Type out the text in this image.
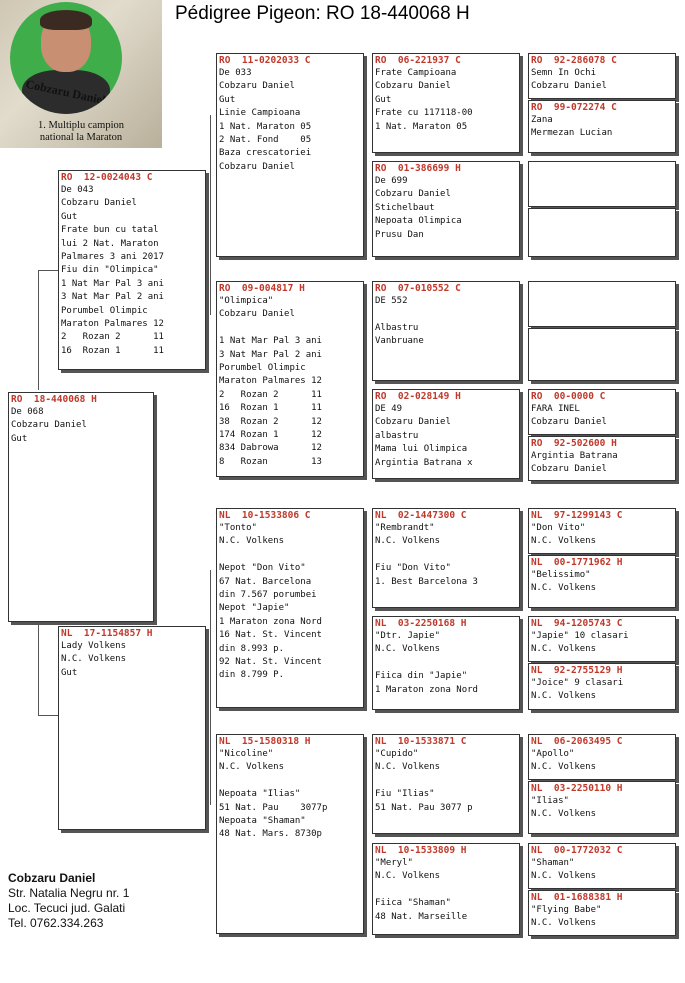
Pédigree Pigeon: RO 18-440068 H
Cobzaru Daniel
1. Multiplu campion
national la Maraton
RO  18-440068 H
De 068
Cobzaru Daniel
Gut
RO  12-0024043 C
De 043
Cobzaru Daniel
Gut
Frate bun cu tatal
lui 2 Nat. Maraton
Palmares 3 ani 2017
Fiu din "Olimpica"
1 Nat Mar Pal 3 ani
3 Nat Mar Pal 2 ani
Porumbel Olimpic
Maraton Palmares 12
2   Rozan 2      11
16  Rozan 1      11
NL  17-1154857 H
Lady Volkens
N.C. Volkens
Gut
RO  11-0202033 C
De 033
Cobzaru Daniel
Gut
Linie Campioana
1 Nat. Maraton 05
2 Nat. Fond    05
Baza crescatoriei
Cobzaru Daniel
RO  09-004817 H
"Olimpica"
Cobzaru Daniel

1 Nat Mar Pal 3 ani
3 Nat Mar Pal 2 ani
Porumbel Olimpic
Maraton Palmares 12
2   Rozan 2      11
16  Rozan 1      11
38  Rozan 2      12
174 Rozan 1      12
834 Dabrowa      12
8   Rozan        13
NL  10-1533806 C
"Tonto"
N.C. Volkens

Nepot "Don Vito"
67 Nat. Barcelona
din 7.567 porumbei
Nepot "Japie"
1 Maraton zona Nord
16 Nat. St. Vincent
din 8.993 p.
92 Nat. St. Vincent
din 8.799 P.
NL  15-1580318 H
"Nicoline"
N.C. Volkens

Nepoata "Ilias"
51 Nat. Pau    3077p
Nepoata "Shaman"
48 Nat. Mars. 8730p
RO  06-221937 C
Frate Campioana
Cobzaru Daniel
Gut
Frate cu 117118-00
1 Nat. Maraton 05
RO  01-386699 H
De 699
Cobzaru Daniel
Stichelbaut
Nepoata Olimpica
Prusu Dan
RO  07-010552 C
DE 552

Albastru
Vanbruane
RO  02-028149 H
DE 49
Cobzaru Daniel
albastru
Mama lui Olimpica
Argintia Batrana x
NL  02-1447300 C
"Rembrandt"
N.C. Volkens

Fiu "Don Vito"
1. Best Barcelona 3
NL  03-2250168 H
"Dtr. Japie"
N.C. Volkens

Fiica din "Japie"
1 Maraton zona Nord
NL  10-1533871 C
"Cupido"
N.C. Volkens

Fiu "Ilias"
51 Nat. Pau 3077 p
NL  10-1533809 H
"Meryl"
N.C. Volkens

Fiica "Shaman"
48 Nat. Marseille
RO  92-286078 C
Semn In Ochi
Cobzaru Daniel
RO  99-072274 C
Zana
Mermezan Lucian
RO  00-0000 C
FARA INEL
Cobzaru Daniel
RO  92-502600 H
Argintia Batrana
Cobzaru Daniel
NL  97-1299143 C
"Don Vito"
N.C. Volkens
NL  00-1771962 H
"Belissimo"
N.C. Volkens
NL  94-1205743 C
"Japie" 10 clasari
N.C. Volkens
NL  92-2755129 H
"Joice" 9 clasari
N.C. Volkens
NL  06-2063495 C
"Apollo"
N.C. Volkens
NL  03-2250110 H
"Ilias"
N.C. Volkens
NL  00-1772032 C
"Shaman"
N.C. Volkens
NL  01-1688381 H
"Flying Babe"
N.C. Volkens
Cobzaru Daniel
Str. Natalia Negru nr. 1
Loc. Tecuci jud. Galati
Tel. 0762.334.263
